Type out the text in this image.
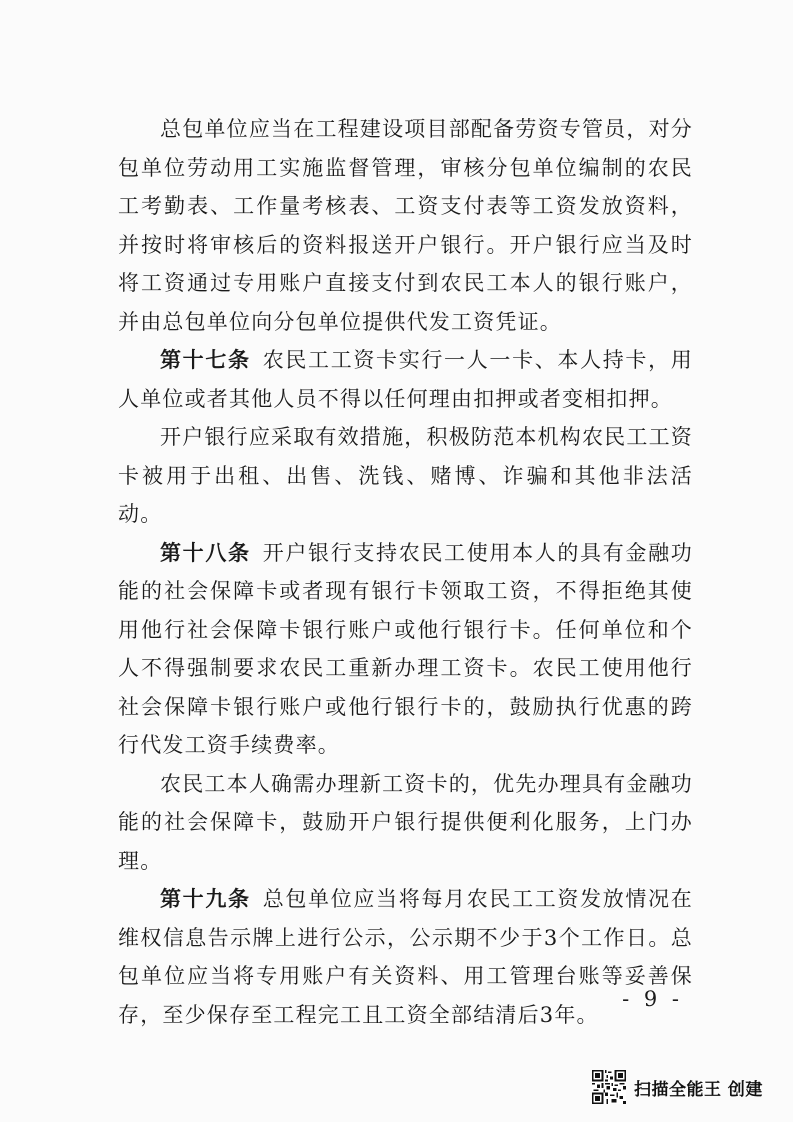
总包单位应当在工程建设项目部配备劳资专管员，对分包单位劳动用工实施监督管理，审核分包单位编制的农民工考勤表、工作量考核表、工资支付表等工资发放资料，并按时将审核后的资料报送开户银行。开户银行应当及时将工资通过专用账户直接支付到农民工本人的银行账户，并由总包单位向分包单位提供代发工资凭证。

第十七条 农民工工资卡实行一人一卡、本人持卡，用人单位或者其他人员不得以任何理由扣押或者变相扣押。

开户银行应采取有效措施，积极防范本机构农民工工资卡被用于出租、出售、洗钱、赌博、诈骗和其他非法活动。

第十八条 开户银行支持农民工使用本人的具有金融功能的社会保障卡或者现有银行卡领取工资，不得拒绝其使用他行社会保障卡银行账户或他行银行卡。任何单位和个人不得强制要求农民工重新办理工资卡。农民工使用他行社会保障卡银行账户或他行银行卡的，鼓励执行优惠的跨行代发工资手续费率。

农民工本人确需办理新工资卡的，优先办理具有金融功能的社会保障卡，鼓励开户银行提供便利化服务，上门办理。

第十九条 总包单位应当将每月农民工工资发放情况在维权信息告示牌上进行公示，公示期不少于3个工作日。总包单位应当将专用账户有关资料、用工管理台账等妥善保存，至少保存至工程完工且工资全部结清后3年。

- 9 -
扫描全能王 创建
